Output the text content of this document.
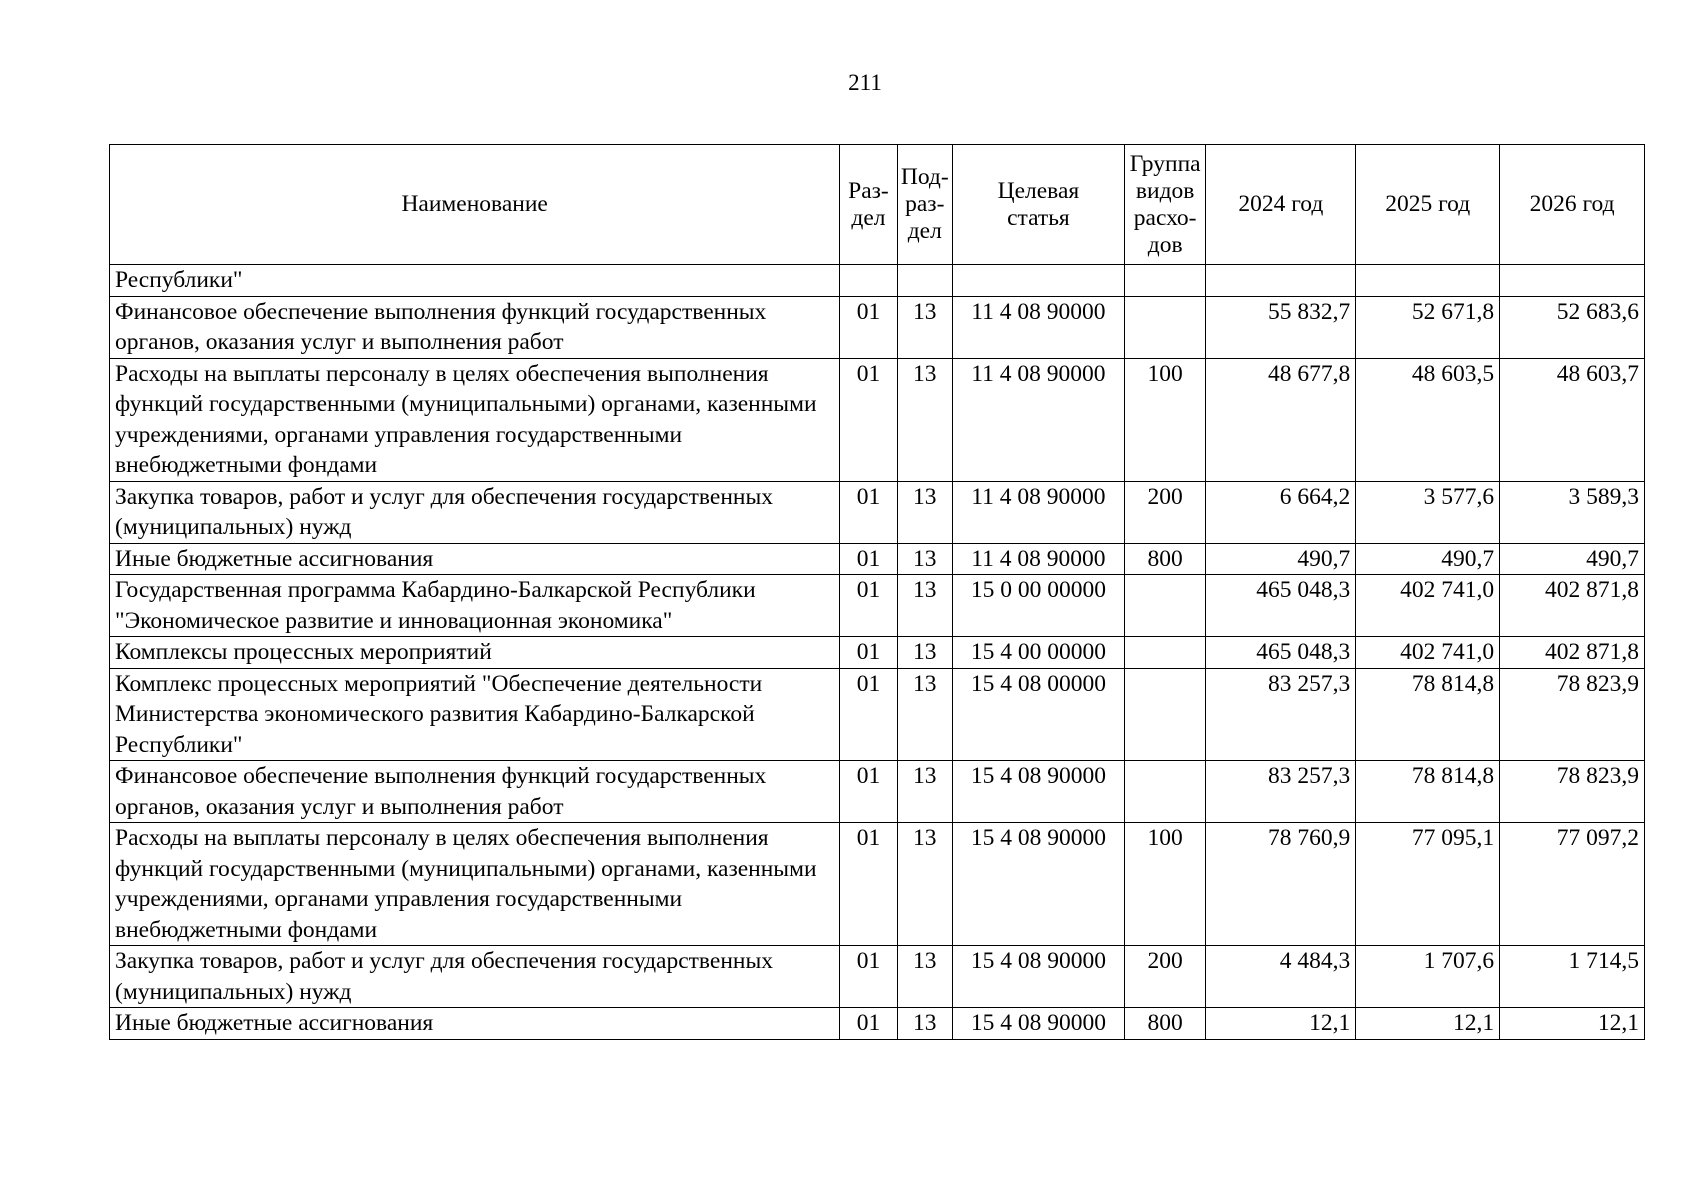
211
Наименование	Раз-
дел	Под-
раз-
дел	Целевая
статья	Группа
видов
расхо-
дов	2024 год	2025 год	2026 год
Республики"							
Финансовое обеспечение выполнения функций государственных органов, оказания услуг и выполнения работ	01	13	11 4 08 90000		55 832,7	52 671,8	52 683,6
Расходы на выплаты персоналу в целях обеспечения выполнения функций государственными (муниципальными) органами, казенными учреждениями, органами управления государственными внебюджетными фондами	01	13	11 4 08 90000	100	48 677,8	48 603,5	48 603,7
Закупка товаров, работ и услуг для обеспечения государственных (муниципальных) нужд	01	13	11 4 08 90000	200	6 664,2	3 577,6	3 589,3
Иные бюджетные ассигнования	01	13	11 4 08 90000	800	490,7	490,7	490,7
Государственная программа Кабардино-Балкарской Республики "Экономическое развитие и инновационная экономика"	01	13	15 0 00 00000		465 048,3	402 741,0	402 871,8
Комплексы процессных мероприятий	01	13	15 4 00 00000		465 048,3	402 741,0	402 871,8
Комплекс процессных мероприятий "Обеспечение деятельности Министерства экономического развития Кабардино-Балкарской Республики"	01	13	15 4 08 00000		83 257,3	78 814,8	78 823,9
Финансовое обеспечение выполнения функций государственных органов, оказания услуг и выполнения работ	01	13	15 4 08 90000		83 257,3	78 814,8	78 823,9
Расходы на выплаты персоналу в целях обеспечения выполнения функций государственными (муниципальными) органами, казенными учреждениями, органами управления государственными внебюджетными фондами	01	13	15 4 08 90000	100	78 760,9	77 095,1	77 097,2
Закупка товаров, работ и услуг для обеспечения государственных (муниципальных) нужд	01	13	15 4 08 90000	200	4 484,3	1 707,6	1 714,5
Иные бюджетные ассигнования	01	13	15 4 08 90000	800	12,1	12,1	12,1
